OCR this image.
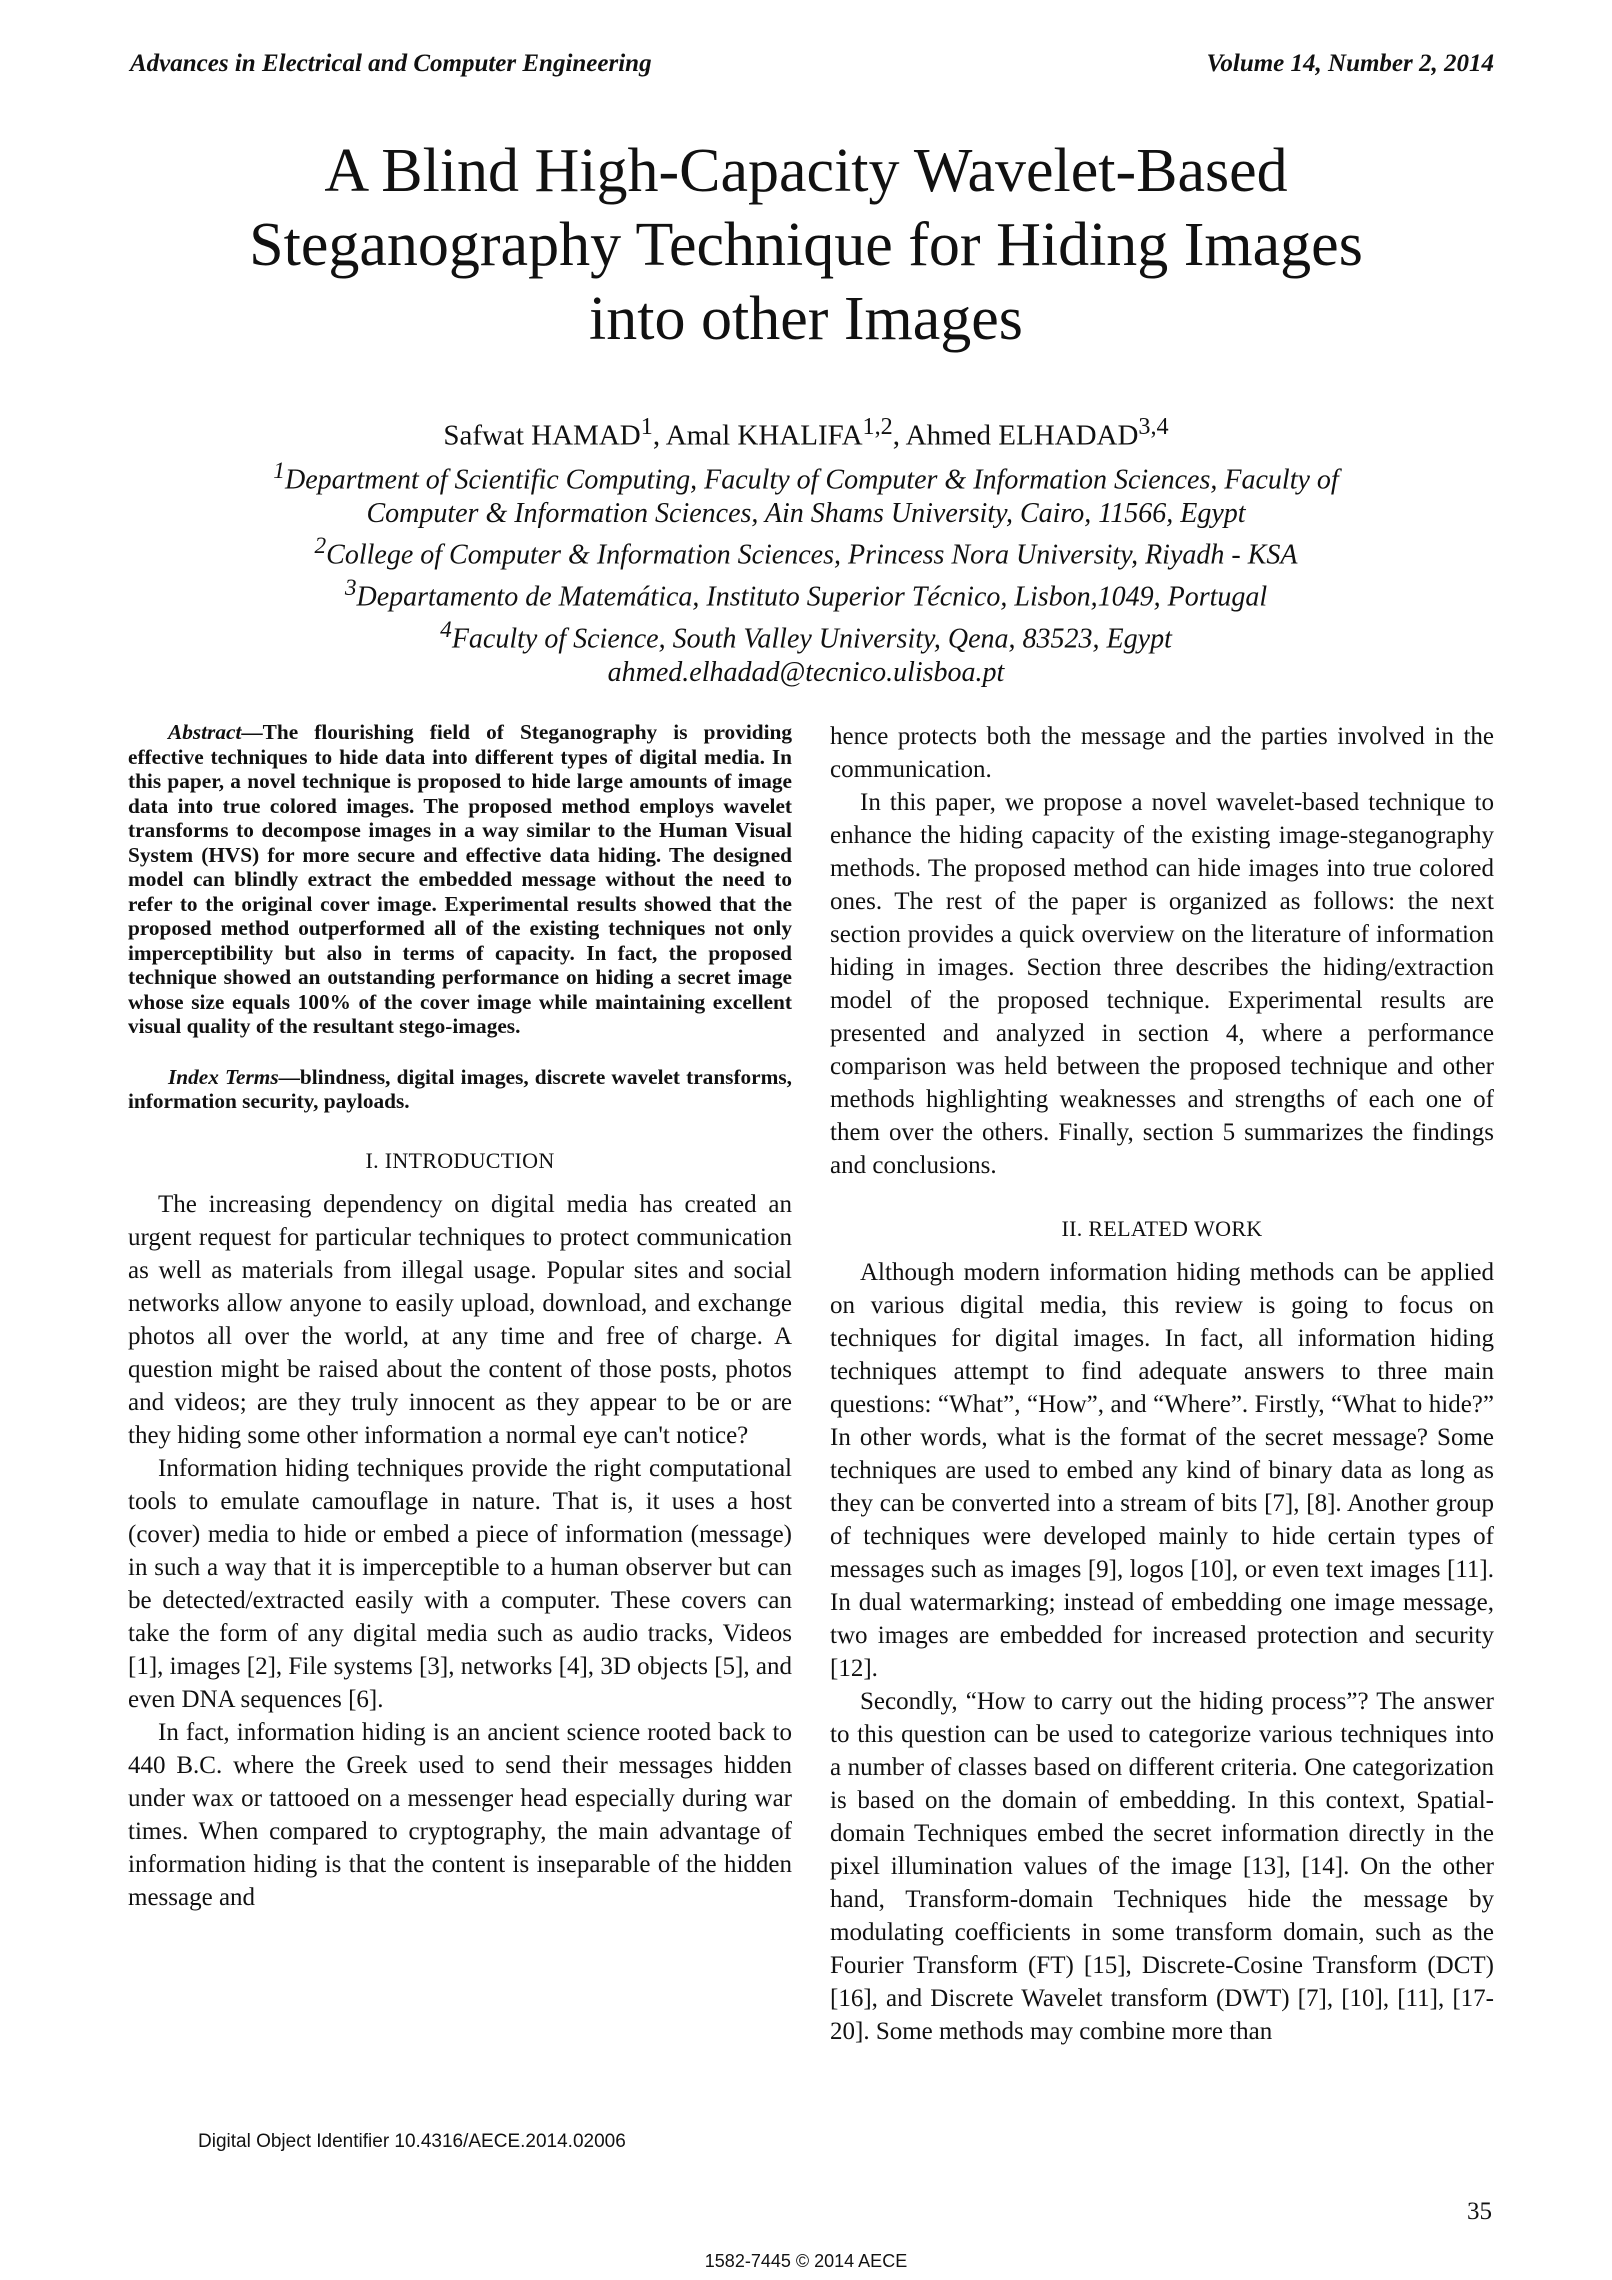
Advances in Electrical and Computer Engineering	Volume 14, Number 2, 2014
A Blind High-Capacity Wavelet-Based
Steganography Technique for Hiding Images
into other Images
Safwat HAMAD$^1$, Amal KHALIFA$^{1,2}$, Ahmed ELHADAD$^{3,4}$
$^1$Department of Scientific Computing, Faculty of Computer & Information Sciences, Faculty of
Computer & Information Sciences, Ain Shams University, Cairo, 11566, Egypt
$^2$College of Computer & Information Sciences, Princess Nora University, Riyadh - KSA
$^3$Departamento de Matemática, Instituto Superior Técnico, Lisbon,1049, Portugal
$^4$Faculty of Science, South Valley University, Qena, 83523, Egypt
ahmed.elhadad@tecnico.ulisboa.pt

Abstract—The flourishing field of Steganography is providing effective techniques to hide data into different types of digital media. In this paper, a novel technique is proposed to hide large amounts of image data into true colored images. The proposed method employs wavelet transforms to decompose images in a way similar to the Human Visual System (HVS) for more secure and effective data hiding. The designed model can blindly extract the embedded message without the need to refer to the original cover image. Experimental results showed that the proposed method outperformed all of the existing techniques not only imperceptibility but also in terms of capacity. In fact, the proposed technique showed an outstanding performance on hiding a secret image whose size equals 100% of the cover image while maintaining excellent visual quality of the resultant stego-images.

Index Terms—blindness, digital images, discrete wavelet transforms, information security, payloads.

I. INTRODUCTION

The increasing dependency on digital media has created an urgent request for particular techniques to protect communication as well as materials from illegal usage. Popular sites and social networks allow anyone to easily upload, download, and exchange photos all over the world, at any time and free of charge. A question might be raised about the content of those posts, photos and videos; are they truly innocent as they appear to be or are they hiding some other information a normal eye can't notice?

Information hiding techniques provide the right computational tools to emulate camouflage in nature. That is, it uses a host (cover) media to hide or embed a piece of information (message) in such a way that it is imperceptible to a human observer but can be detected/extracted easily with a computer. These covers can take the form of any digital media such as audio tracks, Videos [1], images [2], File systems [3], networks [4], 3D objects [5], and even DNA sequences [6].

In fact, information hiding is an ancient science rooted back to 440 B.C. where the Greek used to send their messages hidden under wax or tattooed on a messenger head especially during war times. When compared to cryptography, the main advantage of information hiding is that the content is inseparable of the hidden message and

hence protects both the message and the parties involved in the communication.

In this paper, we propose a novel wavelet-based technique to enhance the hiding capacity of the existing image-steganography methods. The proposed method can hide images into true colored ones. The rest of the paper is organized as follows: the next section provides a quick overview on the literature of information hiding in images. Section three describes the hiding/extraction model of the proposed technique. Experimental results are presented and analyzed in section 4, where a performance comparison was held between the proposed technique and other methods highlighting weaknesses and strengths of each one of them over the others. Finally, section 5 summarizes the findings and conclusions.

II. RELATED WORK

Although modern information hiding methods can be applied on various digital media, this review is going to focus on techniques for digital images. In fact, all information hiding techniques attempt to find adequate answers to three main questions: “What”, “How”, and “Where”. Firstly, “What to hide?” In other words, what is the format of the secret message? Some techniques are used to embed any kind of binary data as long as they can be converted into a stream of bits [7], [8]. Another group of techniques were developed mainly to hide certain types of messages such as images [9], logos [10], or even text images [11]. In dual watermarking; instead of embedding one image message, two images are embedded for increased protection and security [12].

Secondly, “How to carry out the hiding process”? The answer to this question can be used to categorize various techniques into a number of classes based on different criteria. One categorization is based on the domain of embedding. In this context, Spatial-domain Techniques embed the secret information directly in the pixel illumination values of the image [13], [14]. On the other hand, Transform-domain Techniques hide the message by modulating coefficients in some transform domain, such as the Fourier Transform (FT) [15], Discrete-Cosine Transform (DCT) [16], and Discrete Wavelet transform (DWT) [7], [10], [11], [17-20]. Some methods may combine more than

Digital Object Identifier 10.4316/AECE.2014.02006
35
1582-7445 © 2014 AECE
